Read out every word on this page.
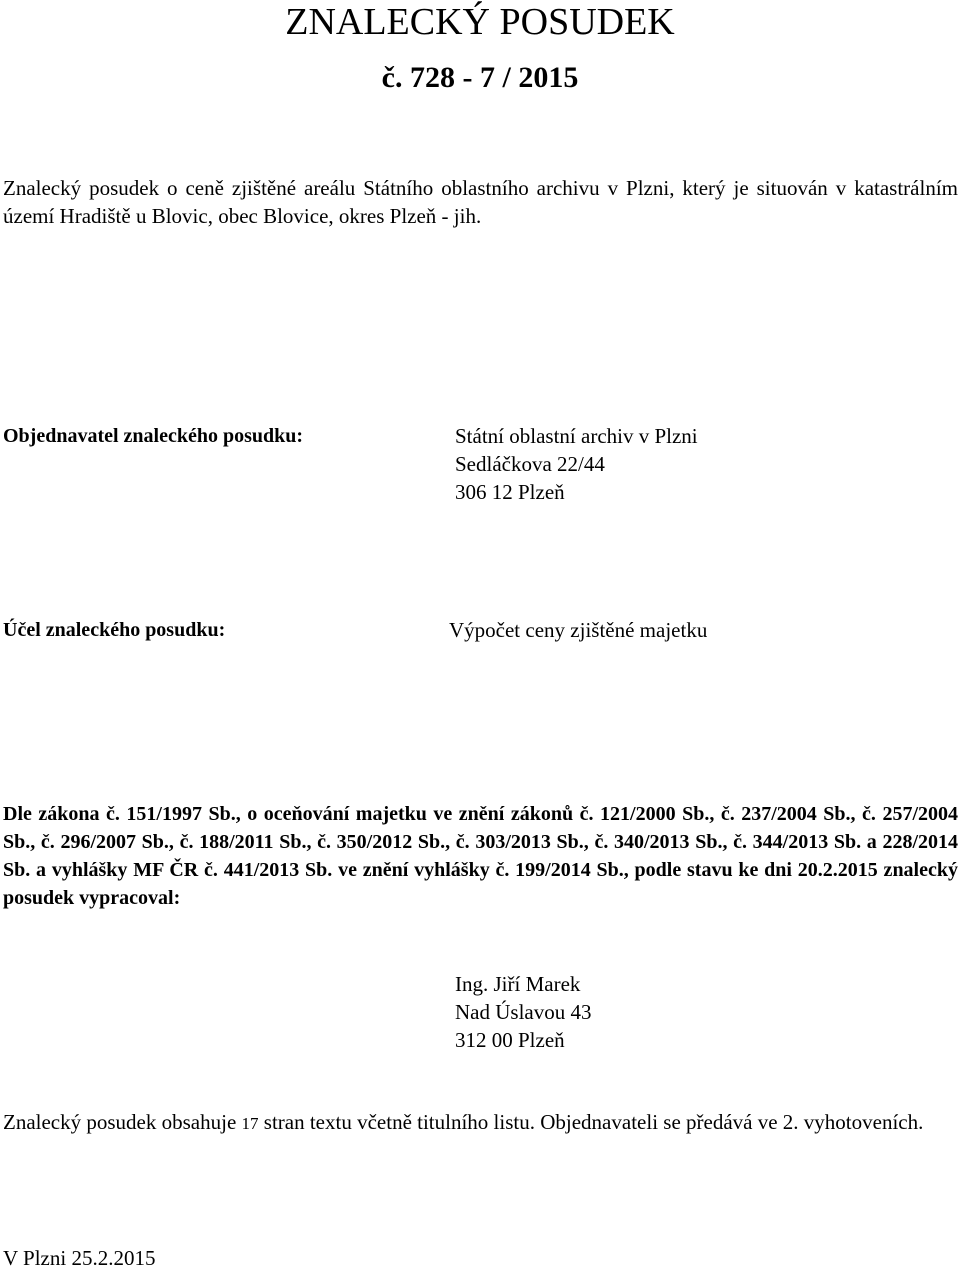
ZNALECKÝ POSUDEK
č. 728 - 7 / 2015

Znalecký posudek o ceně zjištěné areálu Státního oblastního archivu v Plzni, který je situován v katastrálním území Hradiště u Blovic, obec Blovice, okres Plzeň - jih.

Objednavatel znaleckého posudku:	Státní oblastní archiv v Plzni
Sedláčkova 22/44
306 12 Plzeň
Účel znaleckého posudku:	Výpočet ceny zjištěné majetku

Dle zákona č. 151/1997 Sb., o oceňování majetku ve znění zákonů č. 121/2000 Sb., č. 237/2004 Sb., č. 257/2004 Sb., č. 296/2007 Sb., č. 188/2011 Sb., č. 350/2012 Sb., č. 303/2013 Sb., č. 340/2013 Sb., č. 344/2013 Sb. a 228/2014 Sb. a vyhlášky MF ČR č. 441/2013 Sb. ve znění vyhlášky č. 199/2014 Sb., podle stavu ke dni 20.2.2015 znalecký posudek vypracoval:

Ing. Jiří Marek
Nad Úslavou 43
312 00 Plzeň

Znalecký posudek obsahuje 17 stran textu včetně titulního listu. Objednavateli se předává ve 2. vyhotoveních.

V Plzni 25.2.2015
